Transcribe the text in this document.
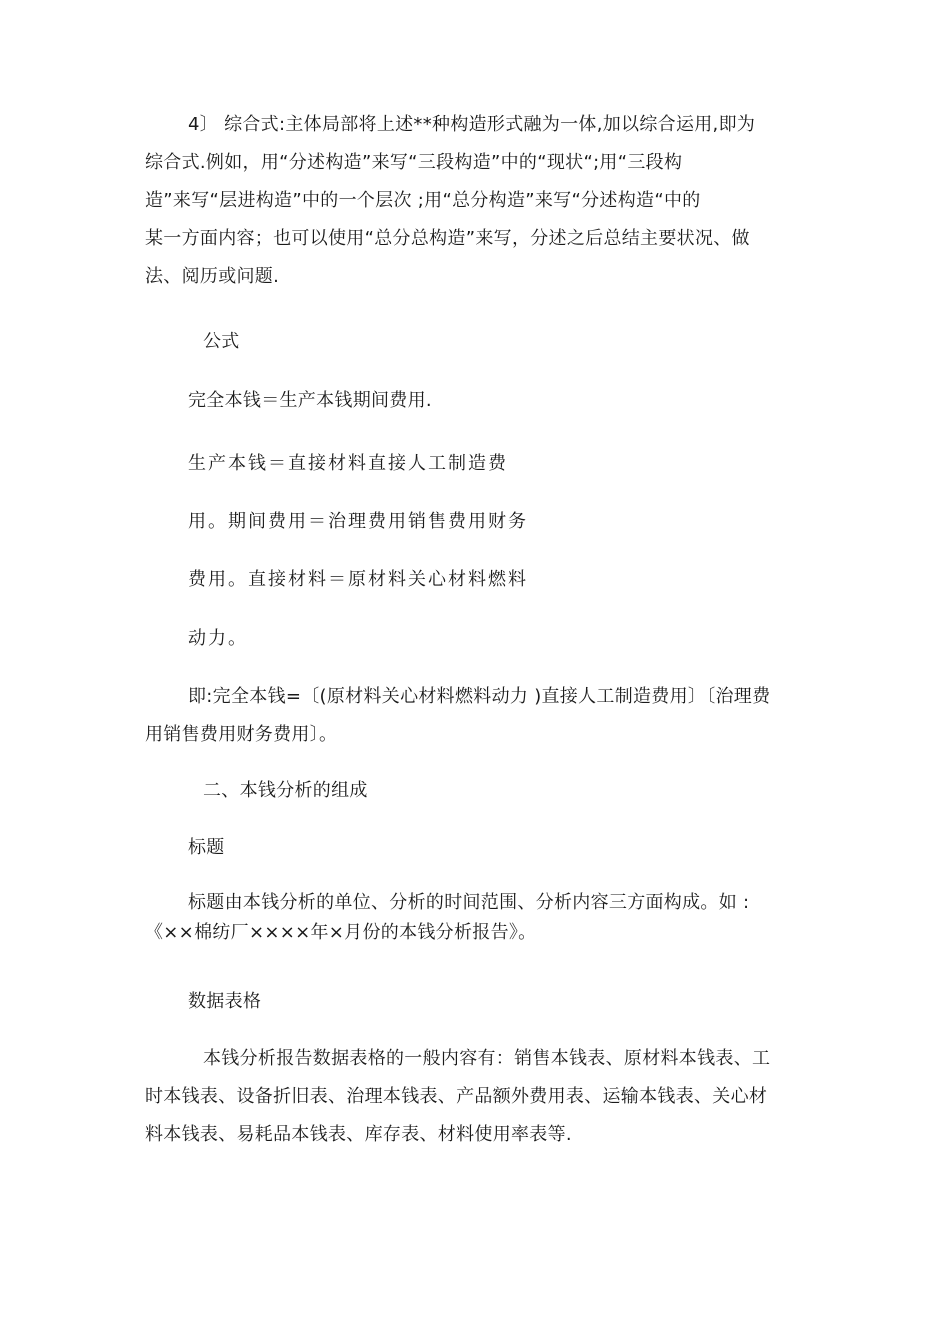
4〕 综合式:主体局部将上述**种构造形式融为一体,加以综合运用,即为
综合式.例如，用“分述构造”来写“三段构造”中的“现状“;用“三段构
造”来写“层进构造”中的一个层次 ;用“总分构造”来写“分述构造“中的
某一方面内容；也可以使用“总分总构造”来写，分述之后总结主要状况、做
法、阅历或问题.
公式
完全本钱＝生产本钱期间费用.
生产本钱＝直接材料直接人工制造费
用。期间费用＝治理费用销售费用财务
费用。直接材料＝原材料关心材料燃料
动力。
即:完全本钱=〔(原材料关心材料燃料动力 )直接人工制造费用〕〔治理费
用销售费用财务费用〕。
二、本钱分析的组成
标题
标题由本钱分析的单位、分析的时间范围、分析内容三方面构成。如 :
《××棉纺厂××××年×月份的本钱分析报告》。
数据表格
本钱分析报告数据表格的一般内容有：销售本钱表、原材料本钱表、工
时本钱表、设备折旧表、治理本钱表、产品额外费用表、运输本钱表、关心材
料本钱表、易耗品本钱表、库存表、材料使用率表等.
